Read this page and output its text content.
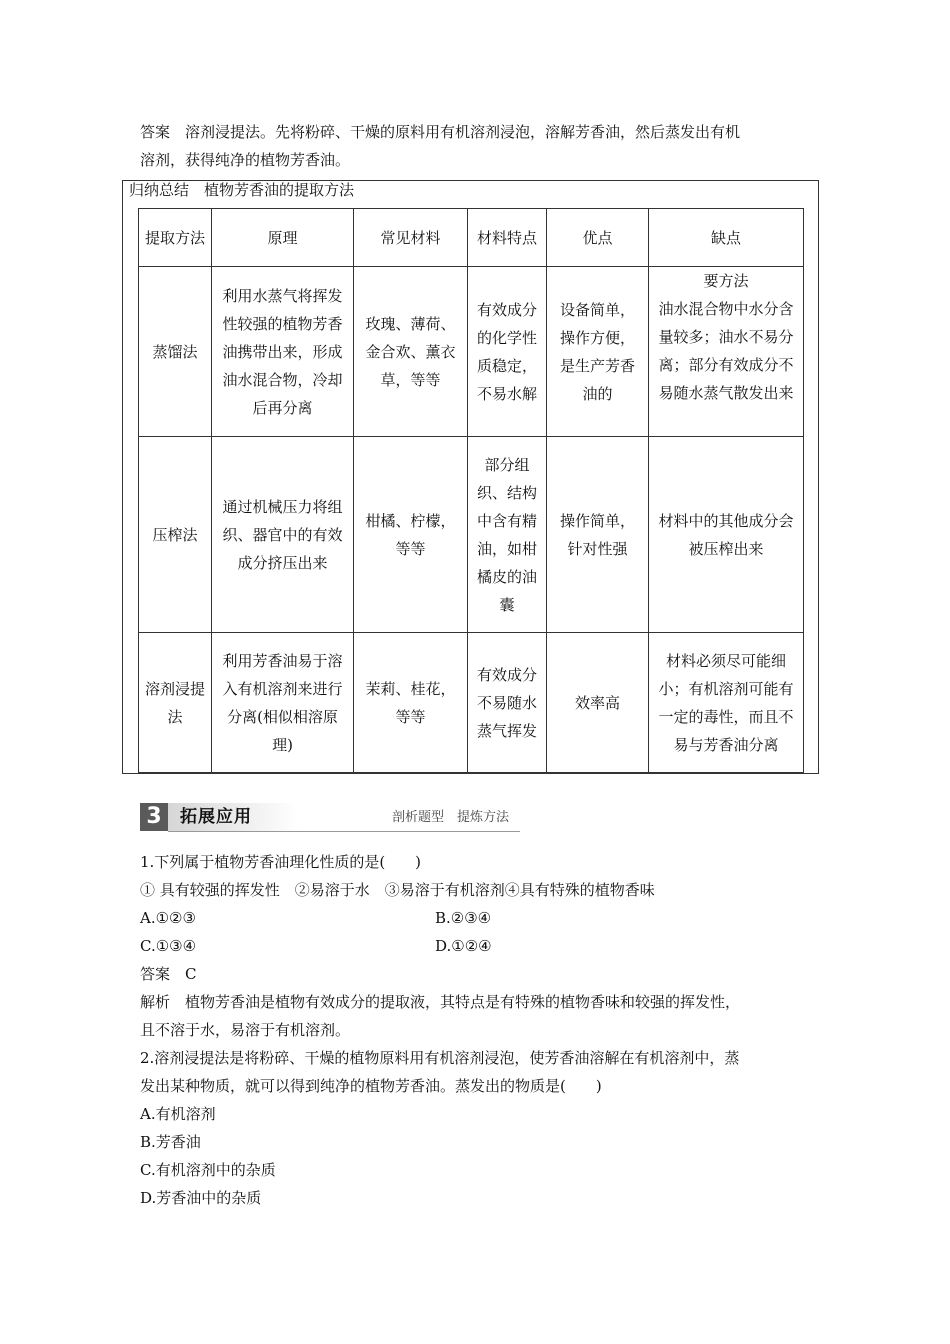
答案　 溶剂浸提法。先将粉碎、干燥的原料用有机溶剂浸泡，溶解芳香油，然后蒸发出有机
溶剂，获得纯净的植物芳香油。
归纳总结　植物芳香油的提取方法
提取方法	原理	常见材料	材料特点	优点	缺点
蒸馏法	利用水蒸气将挥发性较强的植物芳香油携带出来，形成油水混合物，冷却后再分离	玫瑰、薄荷、金合欢、薰衣草，等等	有效成分的化学性质稳定，不易水解	设备简单，操作方便，是生产芳香油的	要方法
油水混合物中水分含量较多；油水不易分离；部分有效成分不易随水蒸气散发出来

压榨法	通过机械压力将组织、器官中的有效成分挤压出来	柑橘、柠檬，等等	部分组织、结构中含有精油，如柑橘皮的油囊	操作简单，针对性强	材料中的其他成分会被压榨出来
溶剂浸提法	利用芳香油易于溶入有机溶剂来进行分离(相似相溶原理)	茉莉、桂花，等等	有效成分不易随水蒸气挥发	效率高	材料必须尽可能细小；有机溶剂可能有一定的毒性，而且不易与芳香油分离
3	拓展应用	剖析题型　提炼方法
1.下列属于植物芳香油理化性质的是(　　)
① 具有较强的挥发性　②易溶于水　③易溶于有机溶剂④具有特殊的植物香味
A.①②③	B.②③④
C.①③④	D.①②④
答案　 C
解析　 植物芳香油是植物有效成分的提取液，其特点是有特殊的植物香味和较强的挥发性，
且不溶于水，易溶于有机溶剂。
2.溶剂浸提法是将粉碎、干燥的植物原料用有机溶剂浸泡，使芳香油溶解在有机溶剂中，蒸
发出某种物质，就可以得到纯净的植物芳香油。蒸发出的物质是(　　)
A.有机溶剂
B.芳香油
C.有机溶剂中的杂质
D.芳香油中的杂质
